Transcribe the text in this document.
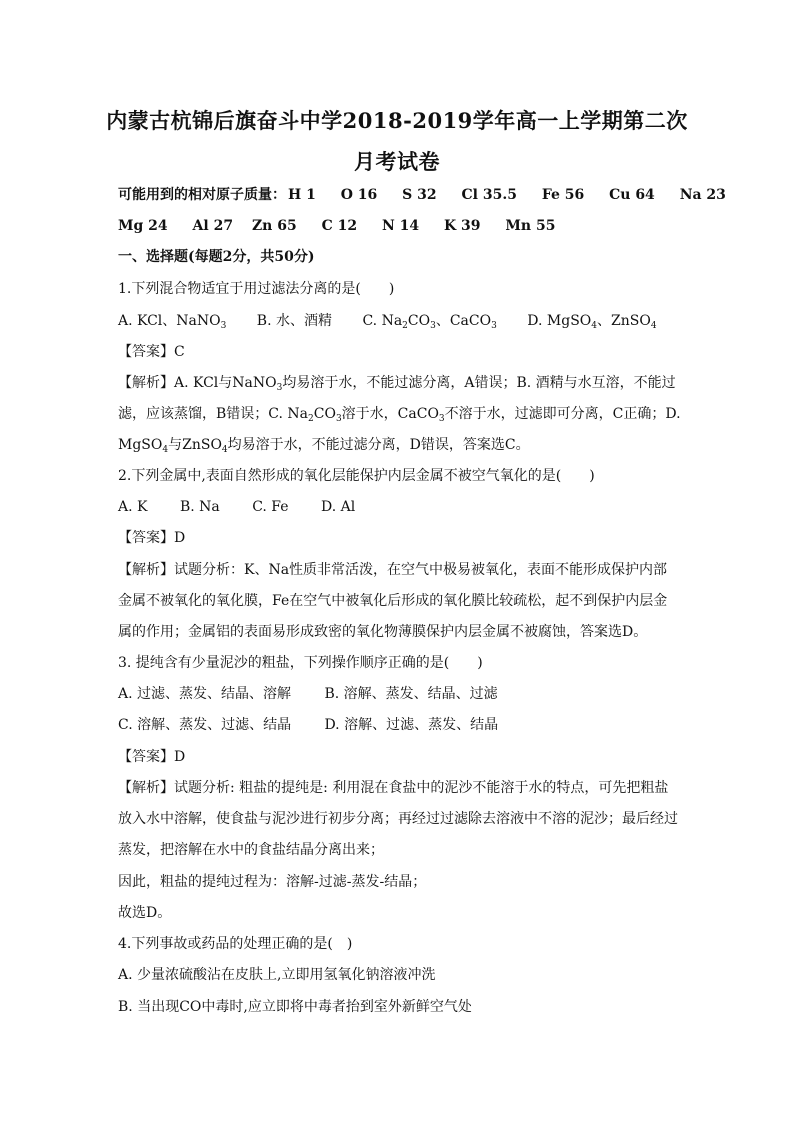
内蒙古杭锦后旗奋斗中学2018-2019学年高一上学期第二次
月考试卷
可能用到的相对原子质量： H 1 O 16 S 32 Cl 35.5 Fe 56 Cu 64 Na 23
Mg 24 Al 27 Zn 65 C 12 N 14 K 39 Mn 55
一、选择题(每题2分，共50分)
1.下列混合物适宜于用过滤法分离的是(　　)
A. KCl、NaNO$_3$ B. 水、酒精 C. $Na_2CO_3$、CaCO$_3$ D. MgSO$_4$、ZnSO$_4$
【答案】C
【解析】A. KCl与NaNO$_3$均易溶于水，不能过滤分离，A错误；B. 酒精与水互溶，不能过
滤，应该蒸馏，B错误；C. $Na_2CO_3$溶于水，CaCO$_3$不溶于水，过滤即可分离，C正确；D.
MgSO$_4$与ZnSO$_4$均易溶于水，不能过滤分离，D错误，答案选C。
2.下列金属中,表面自然形成的氧化层能保护内层金属不被空气氧化的是(　　)
A. K B. Na C. Fe D. Al
【答案】D
【解析】试题分析：K、Na性质非常活泼，在空气中极易被氧化，表面不能形成保护内部
金属不被氧化的氧化膜，Fe在空气中被氧化后形成的氧化膜比较疏松，起不到保护内层金
属的作用；金属铝的表面易形成致密的氧化物薄膜保护内层金属不被腐蚀，答案选D。
3. 提纯含有少量泥沙的粗盐，下列操作顺序正确的是(　　)
A. 过滤、蒸发、结晶、溶解 B. 溶解、蒸发、结晶、过滤
C. 溶解、蒸发、过滤、结晶 D. 溶解、过滤、蒸发、结晶
【答案】D
【解析】试题分析: 粗盐的提纯是: 利用混在食盐中的泥沙不能溶于水的特点，可先把粗盐
放入水中溶解，使食盐与泥沙进行初步分离；再经过过滤除去溶液中不溶的泥沙；最后经过
蒸发，把溶解在水中的食盐结晶分离出来；
因此，粗盐的提纯过程为：溶解-过滤-蒸发-结晶；
故选D。
4.下列事故或药品的处理正确的是(　)
A. 少量浓硫酸沾在皮肤上,立即用氢氧化钠溶液冲洗
B. 当出现CO中毒时,应立即将中毒者抬到室外新鲜空气处
